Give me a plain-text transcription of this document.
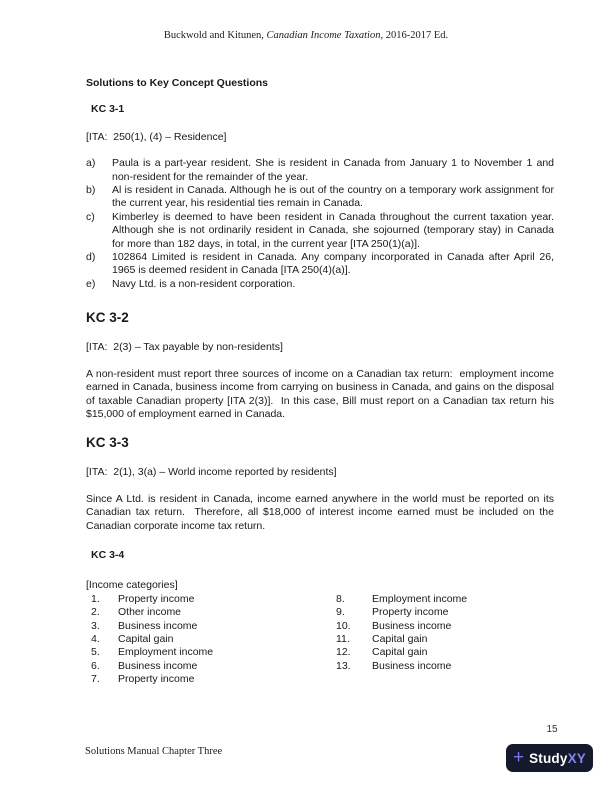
Buckwold and Kitunen, Canadian Income Taxation, 2016-2017 Ed.
Solutions to Key Concept Questions
KC 3-1
[ITA:  250(1), (4) – Residence]
a)	Paula is a part-year resident. She is resident in Canada from January 1 to November 1 and non-resident for the remainder of the year.
b)	Al is resident in Canada. Although he is out of the country on a temporary work assignment for the current year, his residential ties remain in Canada.
c)	Kimberley is deemed to have been resident in Canada throughout the current taxation year. Although she is not ordinarily resident in Canada, she sojourned (temporary stay) in Canada for more than 182 days, in total, in the current year [ITA 250(1)(a)].
d)	102864 Limited is resident in Canada. Any company incorporated in Canada after April 26, 1965 is deemed resident in Canada [ITA 250(4)(a)].
e)	Navy Ltd. is a non-resident corporation.
KC 3-2
[ITA:  2(3) – Tax payable by non-residents]
A non-resident must report three sources of income on a Canadian tax return:  employment income earned in Canada, business income from carrying on business in Canada, and gains on the disposal of taxable Canadian property [ITA 2(3)].  In this case, Bill must report on a Canadian tax return his $15,000 of employment earned in Canada.
KC 3-3
[ITA:  2(1), 3(a) – World income reported by residents]
Since A Ltd. is resident in Canada, income earned anywhere in the world must be reported on its Canadian tax return.  Therefore, all $18,000 of interest income earned must be included on the Canadian corporate income tax return.
KC 3-4
[Income categories]
1.	Property income
2.	Other income
3.	Business income
4.	Capital gain
5.	Employment income
6.	Business income
7.	Property income
8.	Employment income
9.	Property income
10.	Business income
11.	Capital gain
12.	Capital gain
13.	Business income
15
Solutions Manual Chapter Three	+ StudyXY
